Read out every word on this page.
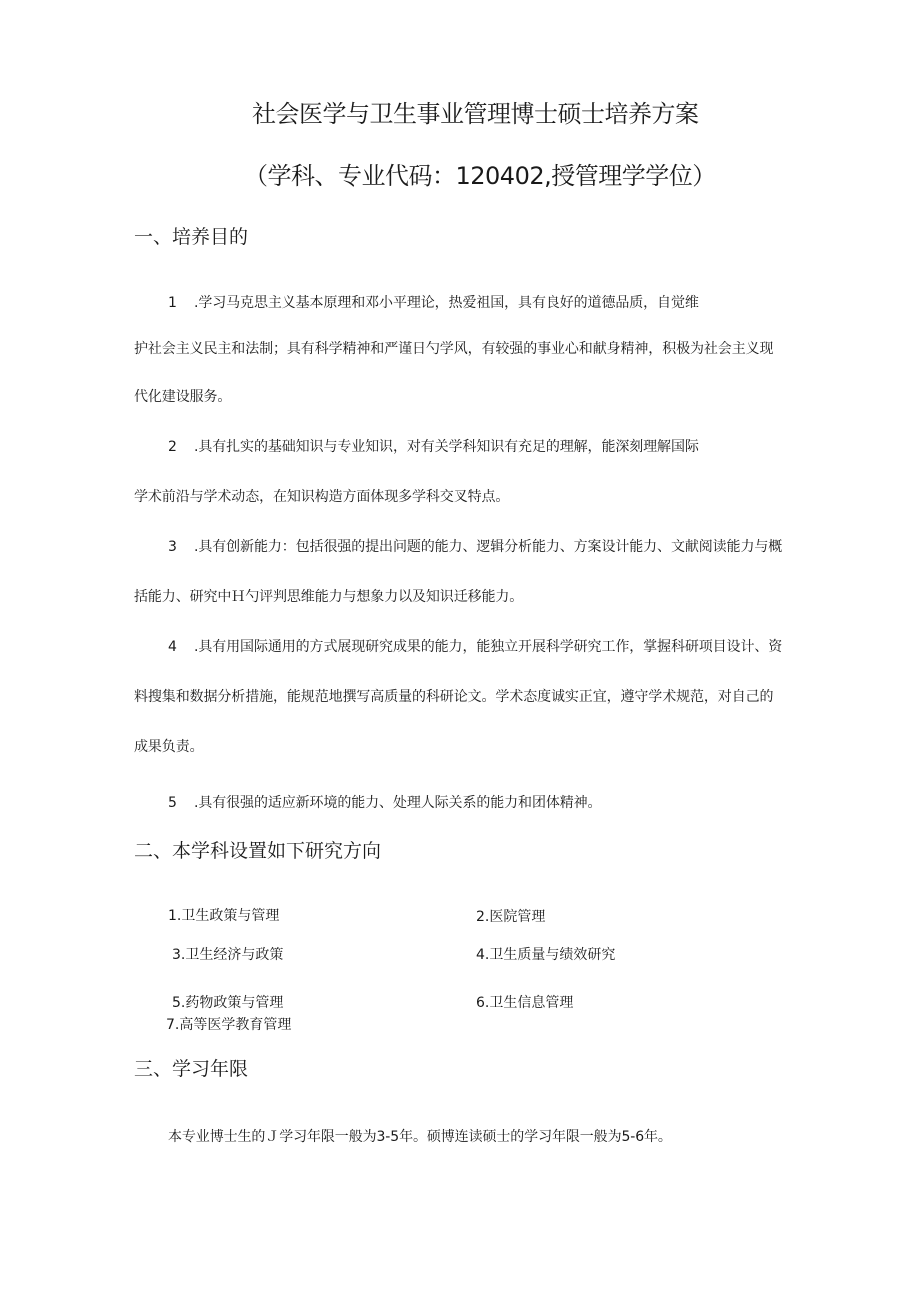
社会医学与卫生事业管理博士硕士培养方案
（学科、专业代码：120402,授管理学学位）
一、培养目的
1 .学习马克思主义基本原理和邓小平理论，热爱祖国，具有良好的道德品质，自觉维
护社会主义民主和法制；具有科学精神和严谨日勺学风，有较强的事业心和献身精神，积极为社会主义现
代化建设服务。
2 .具有扎实的基础知识与专业知识，对有关学科知识有充足的理解，能深刻理解国际
学术前沿与学术动态，在知识构造方面体现多学科交叉特点。
3 .具有创新能力：包括很强的提出问题的能力、逻辑分析能力、方案设计能力、文献阅读能力与概
括能力、研究中Ｈ勺评判思维能力与想象力以及知识迁移能力。
4 .具有用国际通用的方式展现研究成果的能力，能独立开展科学研究工作，掌握科研项目设计、资
料搜集和数据分析措施，能规范地撰写高质量的科研论文。学术态度诚实正宜，遵守学术规范，对自己的
成果负责。
5 .具有很强的适应新环境的能力、处理人际关系的能力和团体精神。
二、本学科设置如下研究方向
1.卫生政策与管理	2.医院管理
3.卫生经济与政策	4.卫生质量与绩效研究
5.药物政策与管理	6.卫生信息管理
7.高等医学教育管理
三、学习年限
本专业博士生的Ｊ学习年限一般为3-5年。硕博连读硕士的学习年限一般为5-6年。
